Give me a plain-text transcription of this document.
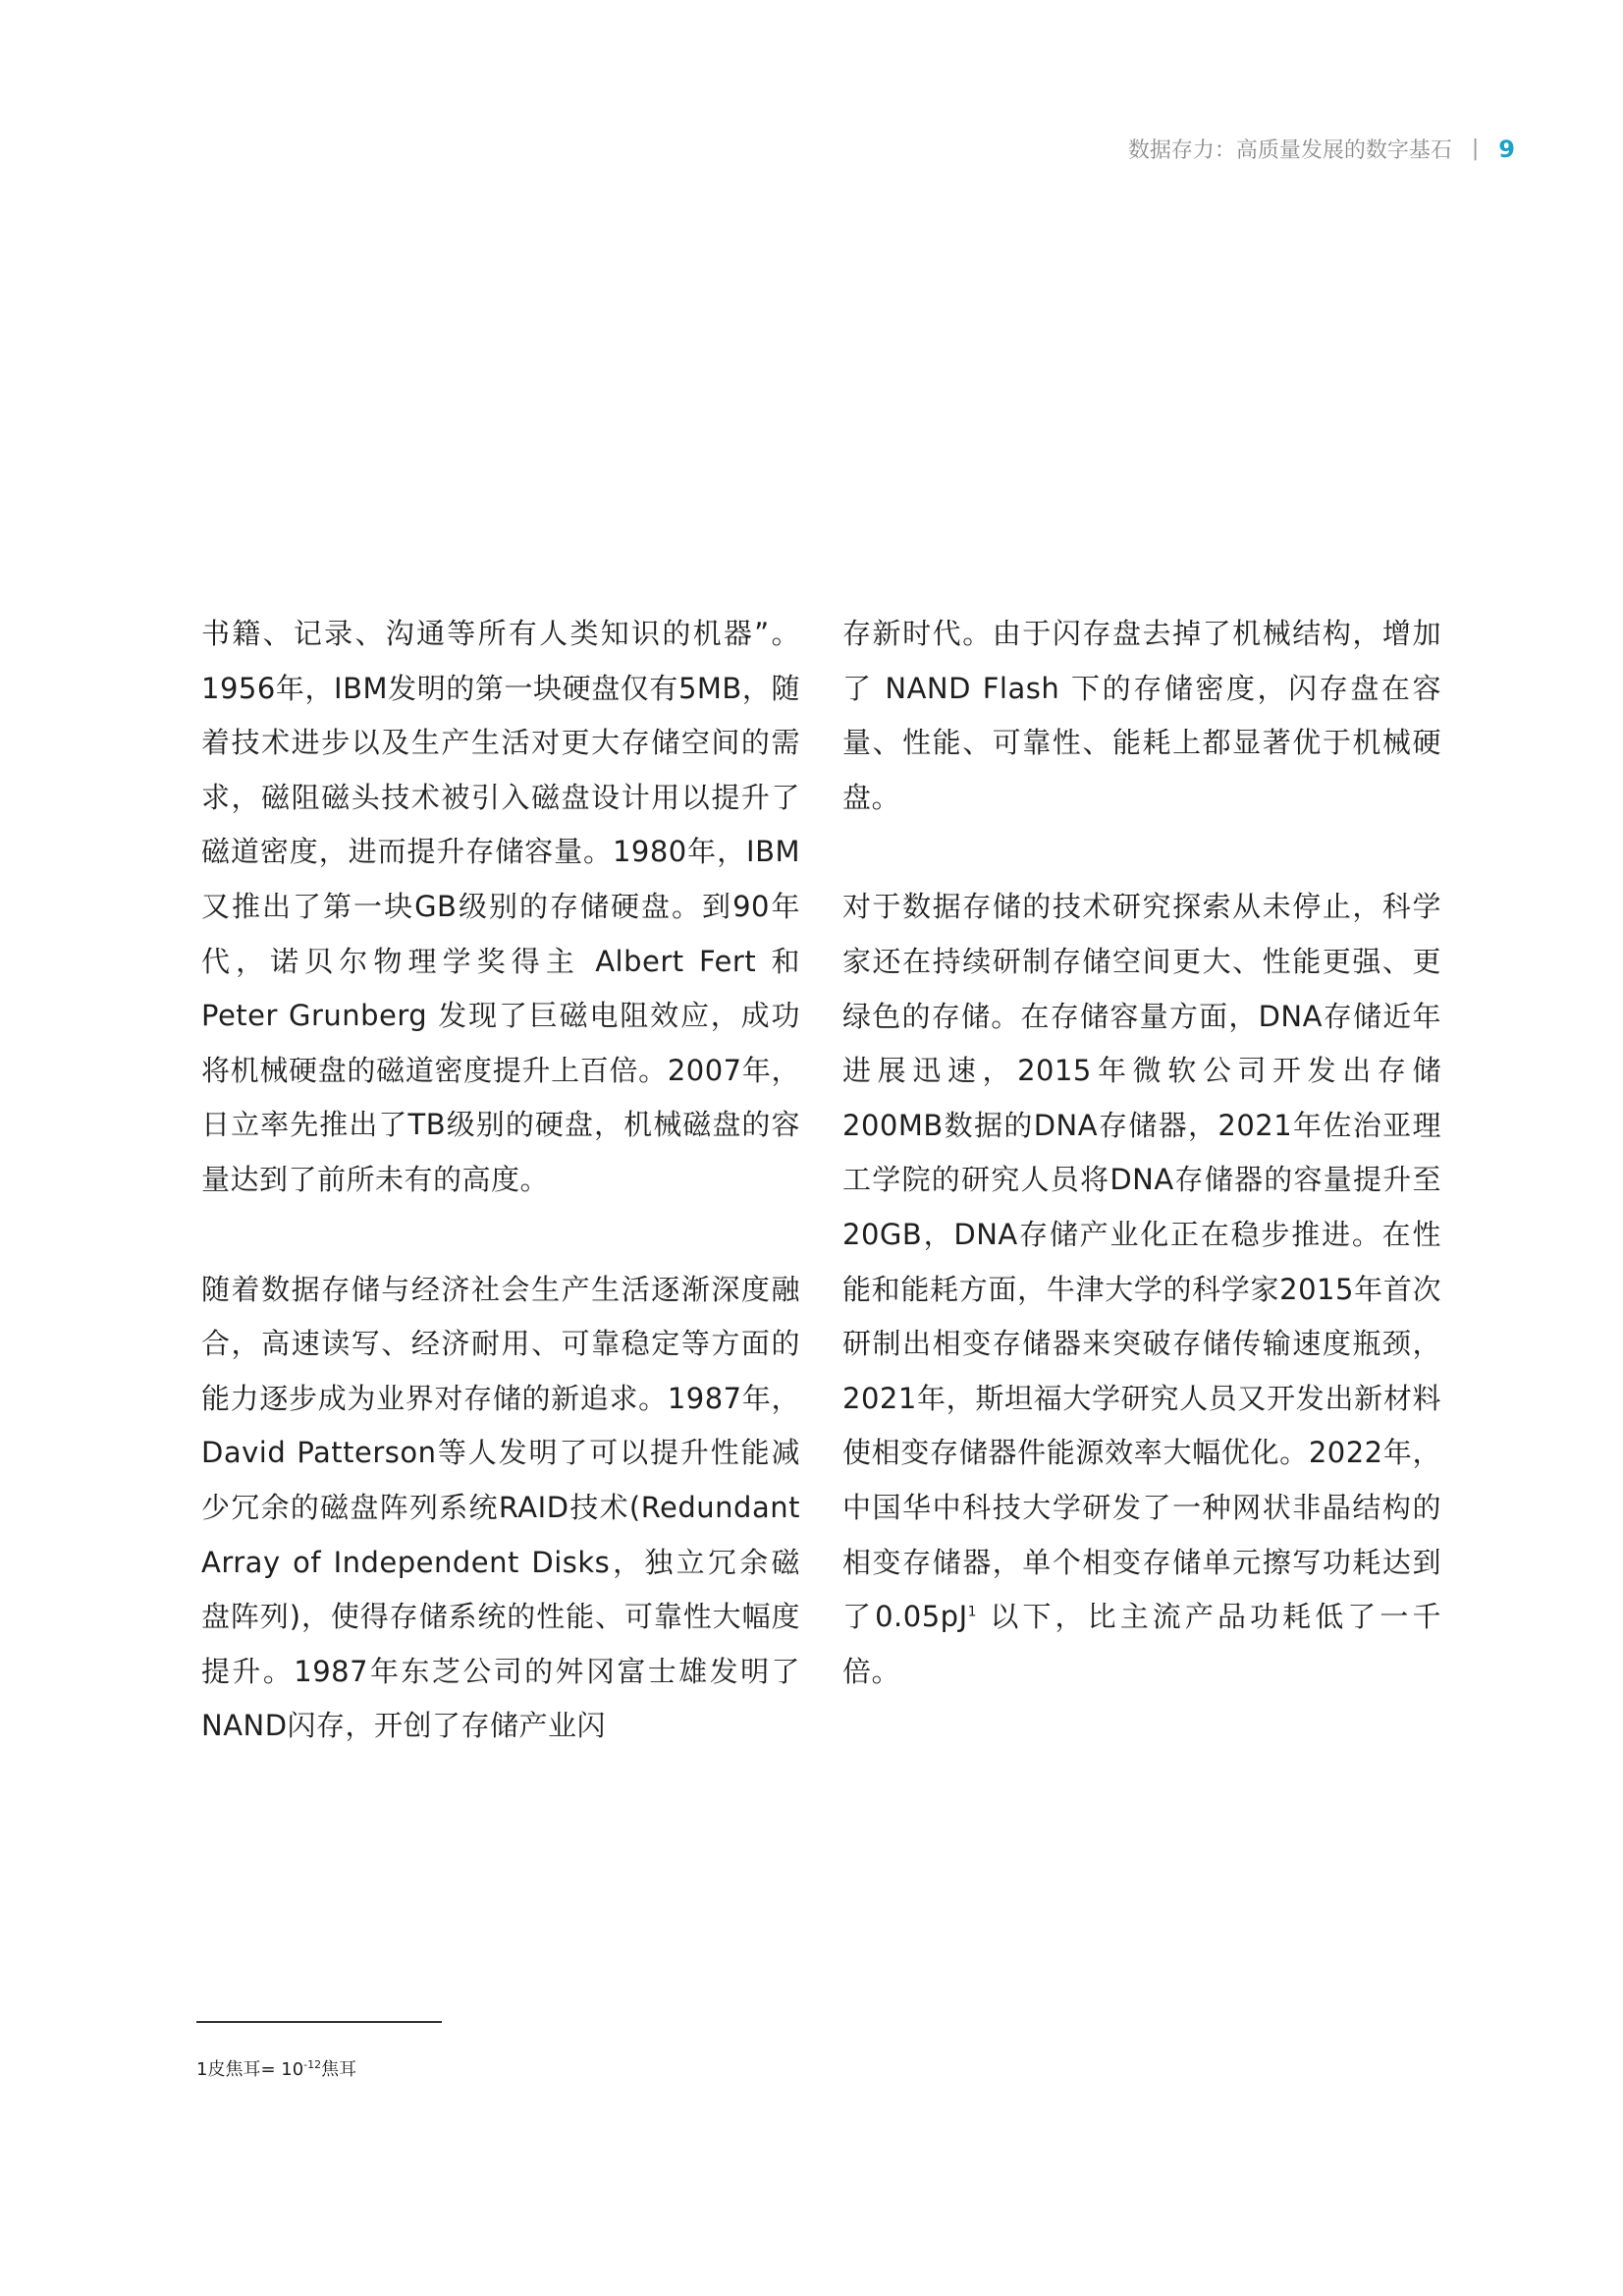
数据存力：高质量发展的数字基石 | 9

书籍、记录、沟通等所有人类知识的机器”。1956年，IBM发明的第一块硬盘仅有5MB，随着技术进步以及生产生活对更大存储空间的需求，磁阻磁头技术被引入磁盘设计用以提升了磁道密度，进而提升存储容量。1980年，IBM又推出了第一块GB级别的存储硬盘。到90年代，诺贝尔物理学奖得主 Albert Fert 和 Peter Grunberg 发现了巨磁电阻效应，成功将机械硬盘的磁道密度提升上百倍。2007年，日立率先推出了TB级别的硬盘，机械磁盘的容量达到了前所未有的高度。

随着数据存储与经济社会生产生活逐渐深度融合，高速读写、经济耐用、可靠稳定等方面的能力逐步成为业界对存储的新追求。1987年，David Patterson等人发明了可以提升性能减少冗余的磁盘阵列系统RAID技术(Redundant Array of Independent Disks，独立冗余磁盘阵列)，使得存储系统的性能、可靠性大幅度提升。1987年东芝公司的舛冈富士雄发明了NAND闪存，开创了存储产业闪

存新时代。由于闪存盘去掉了机械结构，增加了 NAND Flash 下的存储密度，闪存盘在容量、性能、可靠性、能耗上都显著优于机械硬盘。

对于数据存储的技术研究探索从未停止，科学家还在持续研制存储空间更大、性能更强、更绿色的存储。在存储容量方面，DNA存储近年进展迅速，2015年微软公司开发出存储200MB数据的DNA存储器，2021年佐治亚理工学院的研究人员将DNA存储器的容量提升至20GB，DNA存储产业化正在稳步推进。在性能和能耗方面，牛津大学的科学家2015年首次研制出相变存储器来突破存储传输速度瓶颈，2021年，斯坦福大学研究人员又开发出新材料使相变存储器件能源效率大幅优化。2022年，中国华中科技大学研发了一种网状非晶结构的相变存储器，单个相变存储单元擦写功耗达到了$0.05pJ^1$ 以下，比主流产品功耗低了一千倍。

1皮焦耳= $10^{-12}$焦耳
